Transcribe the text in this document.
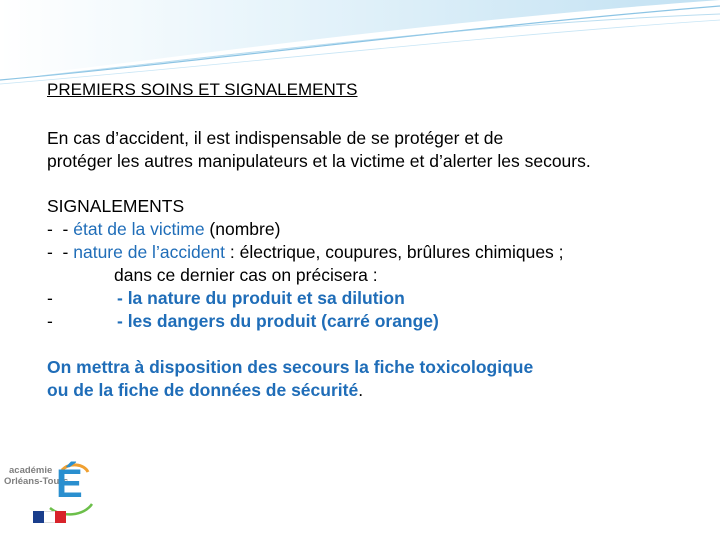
PREMIERS SOINS ET SIGNALEMENTS
En cas d’accident, il est indispensable de se protéger et de
protéger les autres manipulateurs et la victime et d’alerter les secours.
SIGNALEMENTS
-  - état de la victime (nombre)
-  - nature de l’accident : électrique, coupures, brûlures chimiques ;
dans ce dernier cas on précisera :
-	- la nature du produit et sa dilution
-	- les dangers du produit (carré orange)
On mettra à disposition des secours la fiche toxicologique
ou de la fiche de données de sécurité.
académie
Orléans-Tours
É
